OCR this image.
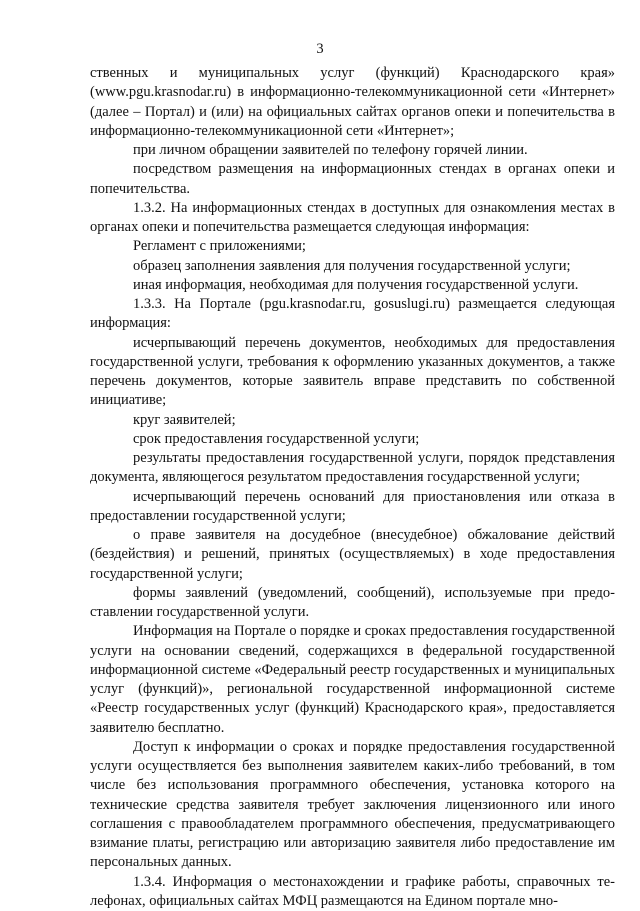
3

ственных и муниципальных услуг (функций) Краснодарского края» (www.pgu.krasnodar.ru) в информационно-телекоммуникационной сети «Интернет» (далее – Портал) и (или) на официальных сайтах органов опеки и попечительства в информационно-телекоммуникационной сети «Интернет»;

при личном обращении заявителей по телефону горячей линии.

посредством размещения на информационных стендах в органах опеки и попечительства.

1.3.2. На информационных стендах в доступных для ознакомления местах в органах опеки и попечительства размещается следующая информация:

Регламент с приложениями;

образец заполнения заявления для получения государственной услуги;

иная информация, необходимая для получения государственной услуги.

1.3.3. На Портале (pgu.krasnodar.ru, gosuslugi.ru) размещается следующая информация:

исчерпывающий перечень документов, необходимых для предоставления государственной услуги, требования к оформлению указанных документов, а также перечень документов, которые заявитель вправе представить по собственной инициативе;

круг заявителей;

срок предоставления государственной услуги;

результаты предоставления государственной услуги, порядок представления документа, являющегося результатом предоставления государственной услуги;

исчерпывающий перечень оснований для приостановления или отказа в предоставлении государственной услуги;

о праве заявителя на досудебное (внесудебное) обжалование действий (бездействия) и решений, принятых (осуществляемых) в ходе предоставления государственной услуги;

формы заявлений (уведомлений, сообщений), используемые при предоставлении государственной услуги.

Информация на Портале о порядке и сроках предоставления государственной услуги на основании сведений, содержащихся в федеральной государственной информационной системе «Федеральный реестр государственных и муниципальных услуг (функций)», региональной государственной информационной системе «Реестр государственных услуг (функций) Краснодарского края», предоставляется заявителю бесплатно.

Доступ к информации о сроках и порядке предоставления государственной услуги осуществляется без выполнения заявителем каких-либо требований, в том числе без использования программного обеспечения, установка которого на технические средства заявителя требует заключения лицензионного или иного соглашения с правообладателем программного обеспечения, предусматривающего взимание платы, регистрацию или авторизацию заявителя либо предоставление им персональных данных.

1.3.4. Информация о местонахождении и графике работы, справочных телефонах, официальных сайтах МФЦ размещаются на Едином портале мно-
